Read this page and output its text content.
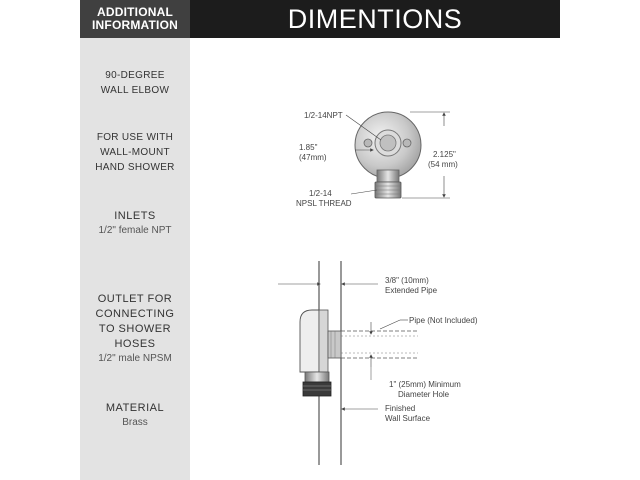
ADDITIONAL
INFORMATION	DIMENTIONS
90-DEGREE
WALL ELBOW
FOR USE WITH
WALL-MOUNT
HAND SHOWER
INLETS
1/2" female NPT
OUTLET FOR
CONNECTING
TO SHOWER HOSES
1/2" male NPSM
MATERIAL
Brass
1/2-14NPT
1.85"
(47mm)	2.125"
(54 mm)
1/2-14
NPSL THREAD
3/8" (10mm)
Extended Pipe
Pipe (Not Included)
1" (25mm) Minimum
Diameter Hole
Finished
Wall Surface
